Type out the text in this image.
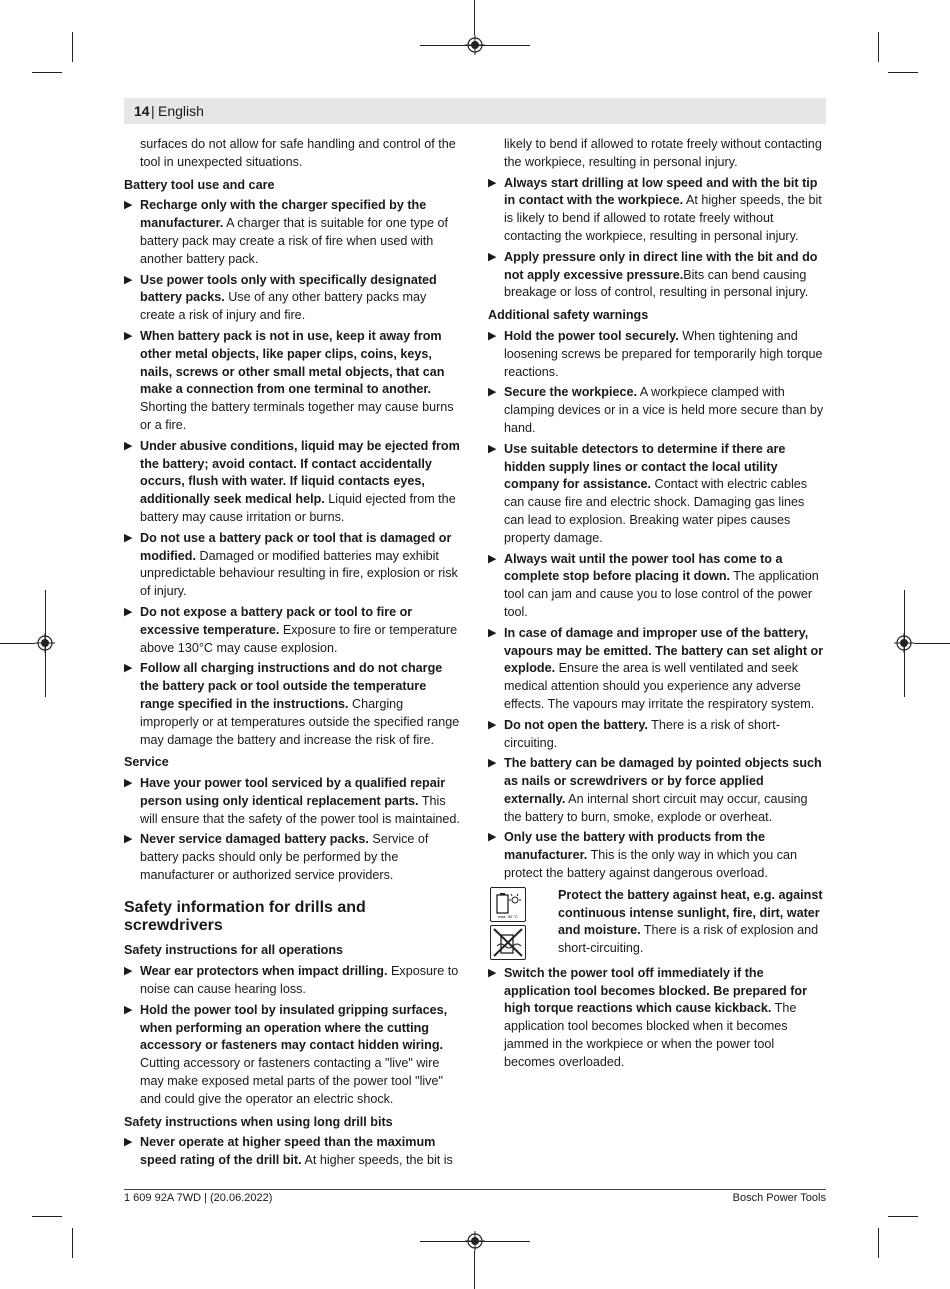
14 | English
surfaces do not allow for safe handling and control of the tool in unexpected situations.
Battery tool use and care
▶ Recharge only with the charger specified by the manufacturer. A charger that is suitable for one type of battery pack may create a risk of fire when used with another battery pack.
▶ Use power tools only with specifically designated battery packs. Use of any other battery packs may create a risk of injury and fire.
▶ When battery pack is not in use, keep it away from other metal objects, like paper clips, coins, keys, nails, screws or other small metal objects, that can make a connection from one terminal to another. Shorting the battery terminals together may cause burns or a fire.
▶ Under abusive conditions, liquid may be ejected from the battery; avoid contact. If contact accidentally occurs, flush with water. If liquid contacts eyes, additionally seek medical help. Liquid ejected from the battery may cause irritation or burns.
▶ Do not use a battery pack or tool that is damaged or modified. Damaged or modified batteries may exhibit unpredictable behaviour resulting in fire, explosion or risk of injury.
▶ Do not expose a battery pack or tool to fire or excessive temperature. Exposure to fire or temperature above 130°C may cause explosion.
▶ Follow all charging instructions and do not charge the battery pack or tool outside the temperature range specified in the instructions. Charging improperly or at temperatures outside the specified range may damage the battery and increase the risk of fire.
Service
▶ Have your power tool serviced by a qualified repair person using only identical replacement parts. This will ensure that the safety of the power tool is maintained.
▶ Never service damaged battery packs. Service of battery packs should only be performed by the manufacturer or authorized service providers.
Safety information for drills and screwdrivers
Safety instructions for all operations
▶ Wear ear protectors when impact drilling. Exposure to noise can cause hearing loss.
▶ Hold the power tool by insulated gripping surfaces, when performing an operation where the cutting accessory or fasteners may contact hidden wiring. Cutting accessory or fasteners contacting a "live" wire may make exposed metal parts of the power tool "live" and could give the operator an electric shock.
Safety instructions when using long drill bits
▶ Never operate at higher speed than the maximum speed rating of the drill bit. At higher speeds, the bit is
likely to bend if allowed to rotate freely without contacting the workpiece, resulting in personal injury.
▶ Always start drilling at low speed and with the bit tip in contact with the workpiece. At higher speeds, the bit is likely to bend if allowed to rotate freely without contacting the workpiece, resulting in personal injury.
▶ Apply pressure only in direct line with the bit and do not apply excessive pressure.Bits can bend causing breakage or loss of control, resulting in personal injury.
Additional safety warnings
▶ Hold the power tool securely. When tightening and loosening screws be prepared for temporarily high torque reactions.
▶ Secure the workpiece. A workpiece clamped with clamping devices or in a vice is held more secure than by hand.
▶ Use suitable detectors to determine if there are hidden supply lines or contact the local utility company for assistance. Contact with electric cables can cause fire and electric shock. Damaging gas lines can lead to explosion. Breaking water pipes causes property damage.
▶ Always wait until the power tool has come to a complete stop before placing it down. The application tool can jam and cause you to lose control of the power tool.
▶ In case of damage and improper use of the battery, vapours may be emitted. The battery can set alight or explode. Ensure the area is well ventilated and seek medical attention should you experience any adverse effects. The vapours may irritate the respiratory system.
▶ Do not open the battery. There is a risk of short-circuiting.
▶ The battery can be damaged by pointed objects such as nails or screwdrivers or by force applied externally. An internal short circuit may occur, causing the battery to burn, smoke, explode or overheat.
▶ Only use the battery with products from the manufacturer. This is the only way in which you can protect the battery against dangerous overload.
max. 50 °C
Protect the battery against heat, e.g. against continuous intense sunlight, fire, dirt, water and moisture. There is a risk of explosion and short-circuiting.
▶ Switch the power tool off immediately if the application tool becomes blocked. Be prepared for high torque reactions which cause kickback. The application tool becomes blocked when it becomes jammed in the workpiece or when the power tool becomes overloaded.
1 609 92A 7WD | (20.06.2022)	Bosch Power Tools
